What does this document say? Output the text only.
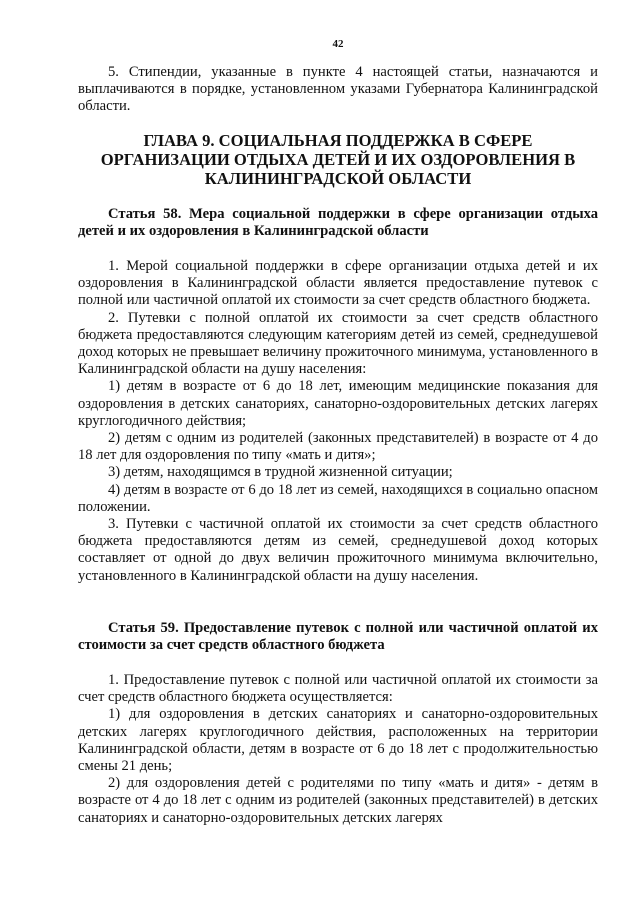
42

5. Стипендии, указанные в пункте 4 настоящей статьи, назначаются и выплачиваются в порядке, установленном указами Губернатора Калининградской области.

ГЛАВА 9. СОЦИАЛЬНАЯ ПОДДЕРЖКА В СФЕРЕ ОРГАНИЗАЦИИ ОТДЫХА ДЕТЕЙ И ИХ ОЗДОРОВЛЕНИЯ В КАЛИНИНГРАДСКОЙ ОБЛАСТИ

Статья 58. Мера социальной поддержки в сфере организации отдыха детей и их оздоровления в Калининградской области

1. Мерой социальной поддержки в сфере организации отдыха детей и их оздоровления в Калининградской области является предоставление путевок с полной или частичной оплатой их стоимости за счет средств областного бюджета.

2. Путевки с полной оплатой их стоимости за счет средств областного бюджета предоставляются следующим категориям детей из семей, среднедушевой доход которых не превышает величину прожиточного минимума, установленного в Калининградской области на душу населения:

1) детям в возрасте от 6 до 18 лет, имеющим медицинские показания для оздоровления в детских санаториях, санаторно-оздоровительных детских лагерях круглогодичного действия;

2) детям с одним из родителей (законных представителей) в возрасте от 4 до 18 лет для оздоровления по типу «мать и дитя»;

3) детям, находящимся в трудной жизненной ситуации;

4) детям в возрасте от 6 до 18 лет из семей, находящихся в социально опасном положении.

3. Путевки с частичной оплатой их стоимости за счет средств областного бюджета предоставляются детям из семей, среднедушевой доход которых составляет от одной до двух величин прожиточного минимума включительно, установленного в Калининградской области на душу населения.

Статья 59. Предоставление путевок с полной или частичной оплатой их стоимости за счет средств областного бюджета

1. Предоставление путевок с полной или частичной оплатой их стоимости за счет средств областного бюджета осуществляется:

1) для оздоровления в детских санаториях и санаторно-оздоровительных детских лагерях круглогодичного действия, расположенных на территории Калининградской области, детям в возрасте от 6 до 18 лет с продолжительностью смены 21 день;

2) для оздоровления детей с родителями по типу «мать и дитя» - детям в возрасте от 4 до 18 лет с одним из родителей (законных представителей) в детских санаториях и санаторно-оздоровительных детских лагерях
